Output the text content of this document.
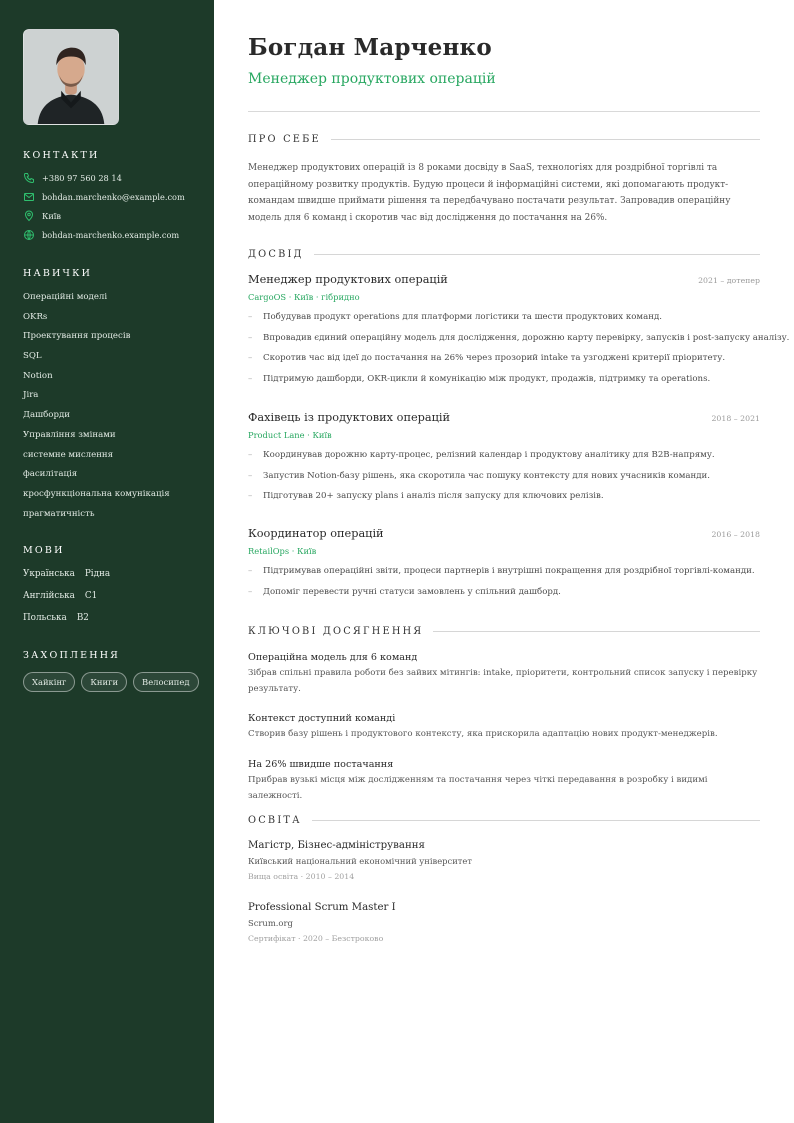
КОНТАКТИ
+380 97 560 28 14
bohdan.marchenko@example.com
Київ
bohdan-marchenko.example.com
НАВИЧКИ
Операційні моделі
OKRs
Проектування процесів
SQL
Notion
Jira
Дашборди
Управління змінами
системне мислення
фасилітація
кросфункціональна комунікація
прагматичність
МОВИ
Українська Рідна
Англійська C1
Польська B2
ЗАХОПЛЕННЯ
Хайкінг	Книги	Велосипед
Богдан Марченко
Менеджер продуктових операцій
ПРО СЕБЕ

Менеджер продуктових операцій із 8 роками досвіду в SaaS, технологіях для роздрібної торгівлі та операційному розвитку продуктів. Будую процеси й інформаційні системи, які допомагають продукт-командам швидше приймати рішення та передбачувано постачати результат. Запровадив операційну модель для 6 команд і скоротив час від дослідження до постачання на 26%.

ДОСВІД
Менеджер продуктових операцій	2021 – дотепер
CargoOS · Київ · гібридно
– Побудував продукт operations для платформи логістики та шести продуктових команд.
– Впровадив єдиний операційну модель для дослідження, дорожню карту перевірку, запусків і post-запуску аналізу.
– Скоротив час від ідеї до постачання на 26% через прозорий intake та узгоджені критерії пріоритету.
– Підтримую дашборди, OKR-цикли й комунікацію між продукт, продажів, підтримку та operations.
Фахівець із продуктових операцій	2018 – 2021
Product Lane · Київ
– Координував дорожню карту-процес, релізний календар і продуктову аналітику для B2B-напряму.
– Запустив Notion-базу рішень, яка скоротила час пошуку контексту для нових учасників команди.
– Підготував 20+ запуску plans і аналіз після запуску для ключових релізів.
Координатор операцій	2016 – 2018
RetailOps · Київ
– Підтримував операційні звіти, процеси партнерів і внутрішні покращення для роздрібної торгівлі-команди.
– Допоміг перевести ручні статуси замовлень у спільний дашборд.
КЛЮЧОВІ ДОСЯГНЕННЯ
Операційна модель для 6 команд
Зібрав спільні правила роботи без зайвих мітингів: intake, пріоритети, контрольний список запуску і перевірку результату.
Контекст доступний команді
Створив базу рішень і продуктового контексту, яка прискорила адаптацію нових продукт-менеджерів.
На 26% швидше постачання
Прибрав вузькі місця між дослідженням та постачання через чіткі передавання в розробку і видимі залежності.
ОСВІТА
Магістр, Бізнес-адміністрування
Київський національний економічний університет
Вища освіта · 2010 – 2014
Professional Scrum Master I
Scrum.org
Сертифікат · 2020 – Безстроково
